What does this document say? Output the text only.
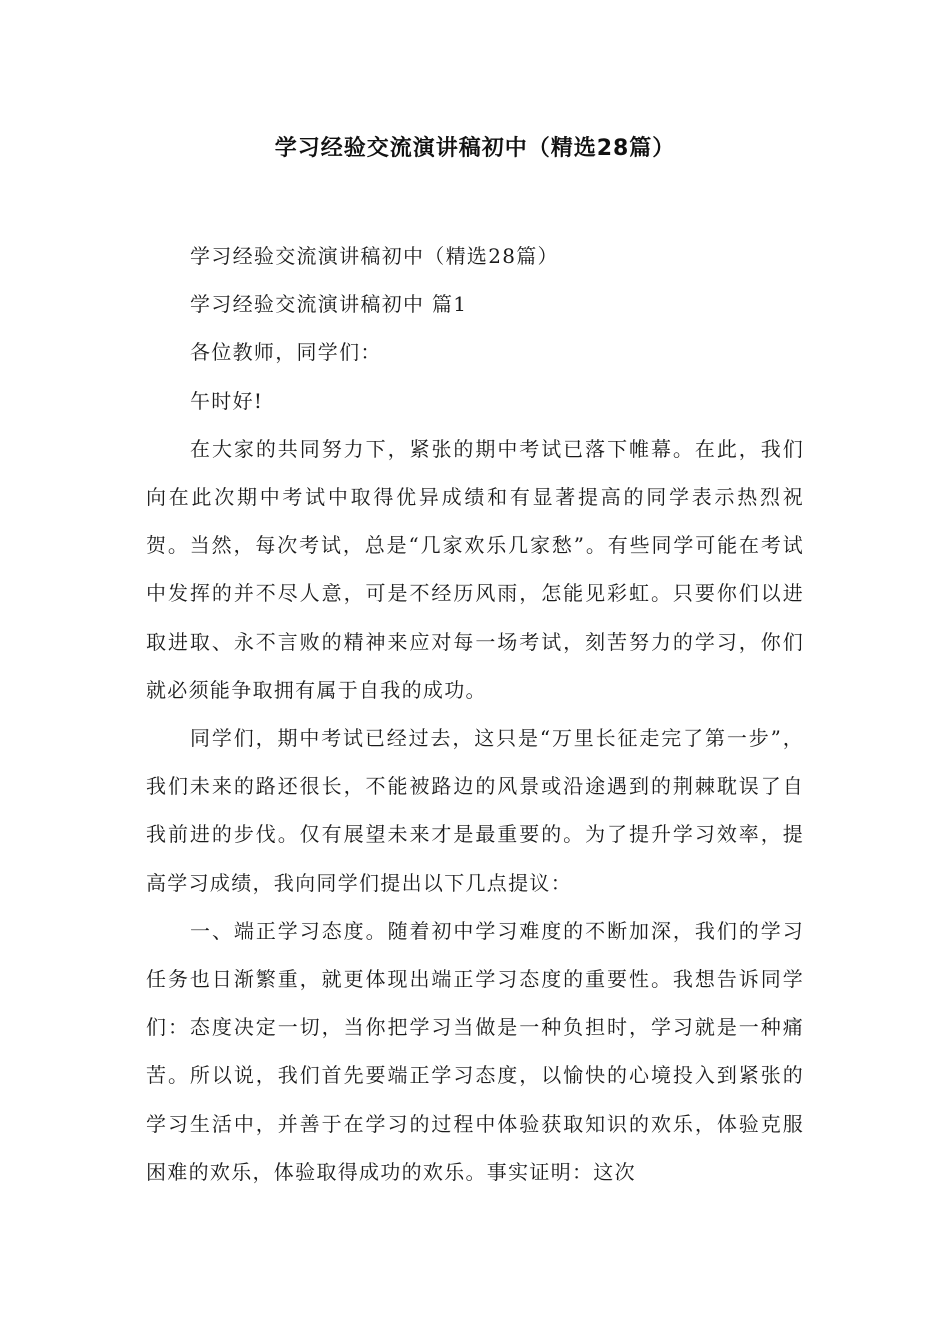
学习经验交流演讲稿初中（精选28篇）

学习经验交流演讲稿初中（精选28篇）

学习经验交流演讲稿初中 篇1

各位教师，同学们：

午时好!

在大家的共同努力下，紧张的期中考试已落下帷幕。在此，我们向在此次期中考试中取得优异成绩和有显著提高的同学表示热烈祝贺。当然，每次考试，总是“几家欢乐几家愁”。有些同学可能在考试中发挥的并不尽人意，可是不经历风雨，怎能见彩虹。只要你们以进取进取、永不言败的精神来应对每一场考试，刻苦努力的学习，你们就必须能争取拥有属于自我的成功。

同学们，期中考试已经过去，这只是“万里长征走完了第一步”，我们未来的路还很长，不能被路边的风景或沿途遇到的荆棘耽误了自我前进的步伐。仅有展望未来才是最重要的。为了提升学习效率，提高学习成绩，我向同学们提出以下几点提议：

一、端正学习态度。随着初中学习难度的不断加深，我们的学习任务也日渐繁重，就更体现出端正学习态度的重要性。我想告诉同学们：态度决定一切，当你把学习当做是一种负担时，学习就是一种痛苦。所以说，我们首先要端正学习态度，以愉快的心境投入到紧张的学习生活中，并善于在学习的过程中体验获取知识的欢乐，体验克服困难的欢乐，体验取得成功的欢乐。事实证明：这次
